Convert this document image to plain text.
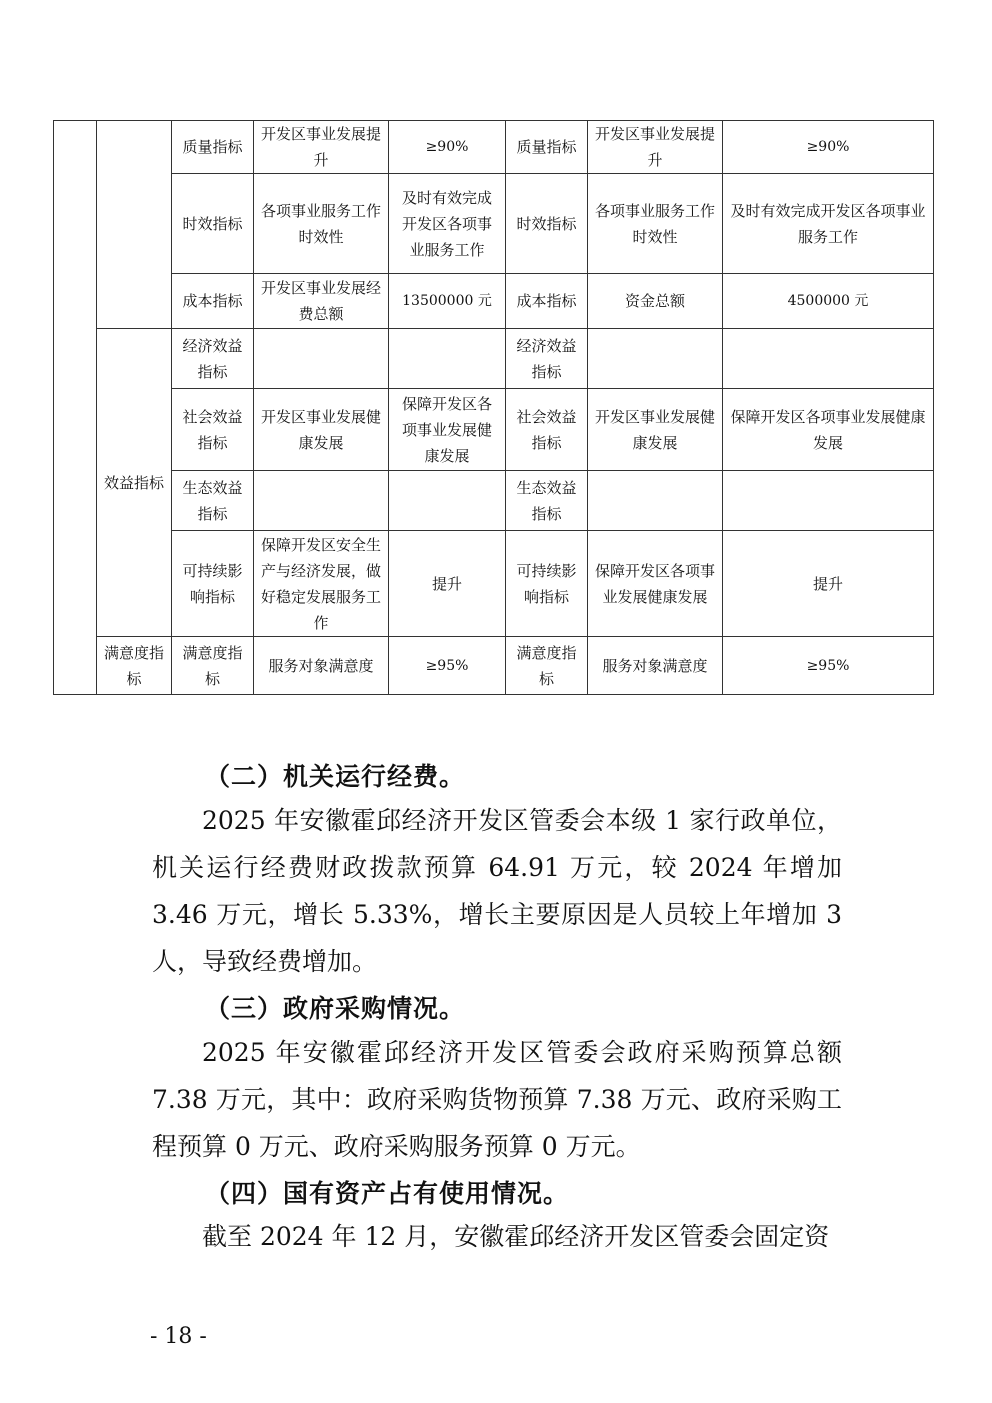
		质量指标	开发区事业发展提升	≥90%	质量指标	开发区事业发展提升	≥90%
		时效指标	各项事业服务工作时效性	及时有效完成开发区各项事业服务工作	时效指标	各项事业服务工作时效性	及时有效完成开发区各项事业服务工作
		成本指标	开发区事业发展经费总额	13500000 元	成本指标	资金总额	4500000 元
	效益指标	经济效益指标			经济效益指标		
		社会效益指标	开发区事业发展健康发展	保障开发区各项事业发展健康发展	社会效益指标	开发区事业发展健康发展	保障开发区各项事业发展健康发展
		生态效益指标			生态效益指标		
		可持续影响指标	保障开发区安全生产与经济发展，做好稳定发展服务工作	提升	可持续影响指标	保障开发区各项事业发展健康发展	提升
	满意度指标	满意度指标	服务对象满意度	≥95%	满意度指标	服务对象满意度	≥95%
（二）机关运行经费。
2025 年安徽霍邱经济开发区管委会本级 1 家行政单位，机关运行经费财政拨款预算 64.91 万元，较 2024 年增加 3.46 万元，增长 5.33%，增长主要原因是人员较上年增加 3 人，导致经费增加。
（三）政府采购情况。
2025 年安徽霍邱经济开发区管委会政府采购预算总额 7.38 万元，其中：政府采购货物预算 7.38 万元、政府采购工程预算 0 万元、政府采购服务预算 0 万元。
（四）国有资产占有使用情况。
截至 2024 年 12 月，安徽霍邱经济开发区管委会固定资
- 18 -
